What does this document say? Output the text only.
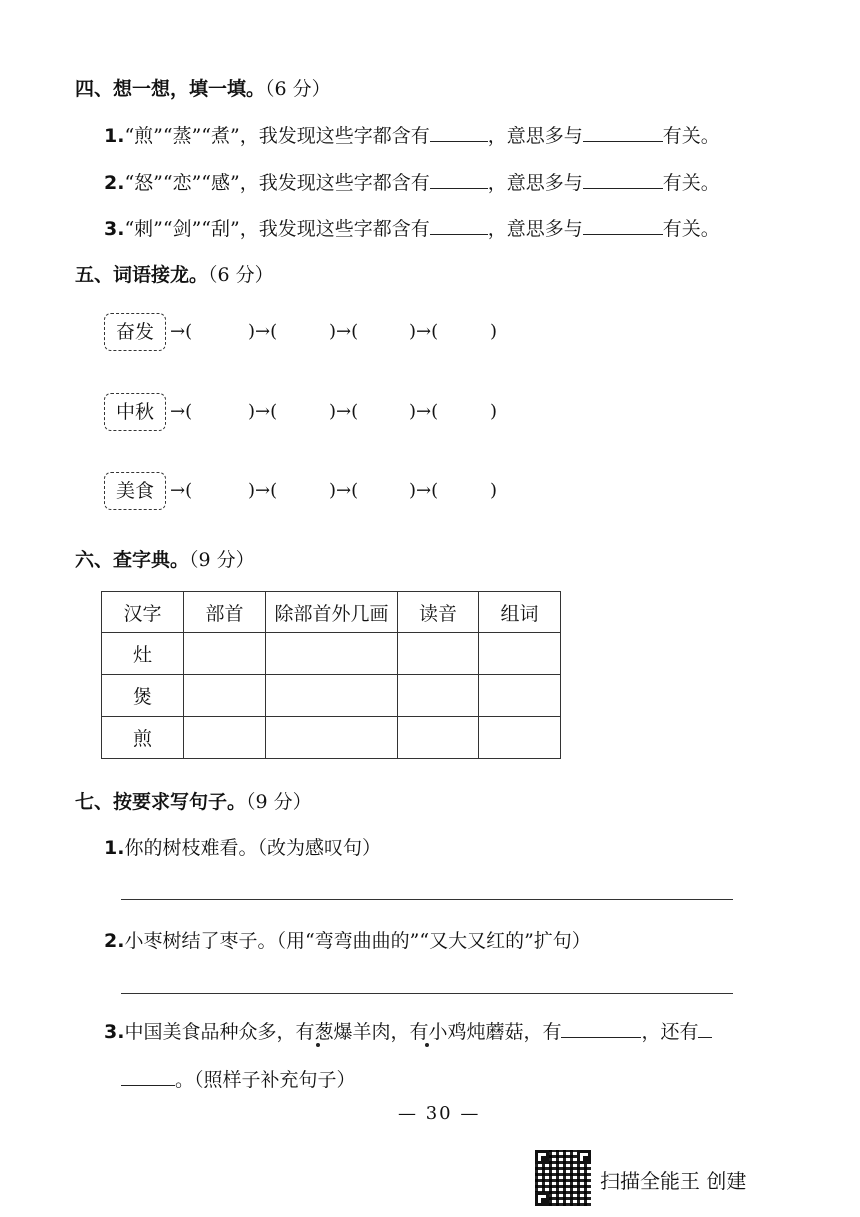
四、想一想，填一填。（6 分）
1.“煎”“蒸”“煮”，我发现这些字都含有	，意思多与	有关。
2.“怒”“恋”“感”，我发现这些字都含有	，意思多与	有关。
3.“刺”“剑”“刮”，我发现这些字都含有	，意思多与	有关。
五、词语接龙。（6 分）
奋发 →(	)→(	)→(	)→(	)
中秋 →(	)→(	)→(	)→(	)
美食 →(	)→(	)→(	)→(	)
六、查字典。（9 分）
汉字	部首	除部首外几画	读音	组词
灶				
煲				
煎				
七、按要求写句子。（9 分）
1.你的树枝难看。（改为感叹句）
2.小枣树结了枣子。（用“弯弯曲曲的”“又大又红的”扩句）
3.中国美食品种众多，有葱爆羊肉，有小鸡炖蘑菇，有	，还有
。（照样子补充句子）
— 30 —
扫描全能王 创建
